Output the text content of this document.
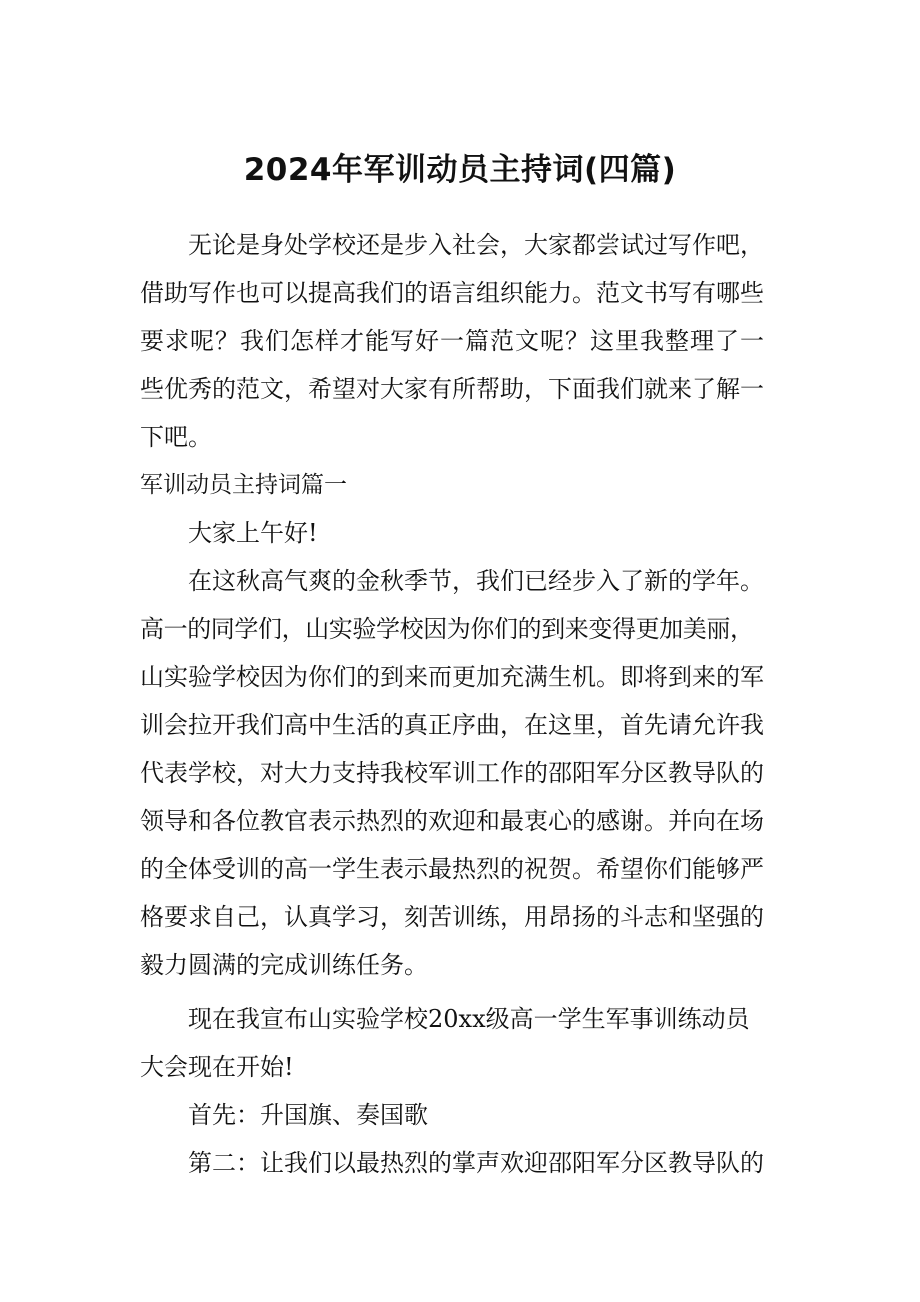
2024年军训动员主持词(四篇)
无论是身处学校还是步入社会，大家都尝试过写作吧，
借助写作也可以提高我们的语言组织能力。范文书写有哪些
要求呢？我们怎样才能写好一篇范文呢？这里我整理了一
些优秀的范文，希望对大家有所帮助，下面我们就来了解一
下吧。
军训动员主持词篇一
大家上午好!
在这秋高气爽的金秋季节，我们已经步入了新的学年。
高一的同学们，山实验学校因为你们的到来变得更加美丽，
山实验学校因为你们的到来而更加充满生机。即将到来的军
训会拉开我们高中生活的真正序曲，在这里，首先请允许我
代表学校，对大力支持我校军训工作的邵阳军分区教导队的
领导和各位教官表示热烈的欢迎和最衷心的感谢。并向在场
的全体受训的高一学生表示最热烈的祝贺。希望你们能够严
格要求自己，认真学习，刻苦训练，用昂扬的斗志和坚强的
毅力圆满的完成训练任务。
现在我宣布山实验学校20xx级高一学生军事训练动员
大会现在开始!
首先：升国旗、奏国歌
第二：让我们以最热烈的掌声欢迎邵阳军分区教导队的
